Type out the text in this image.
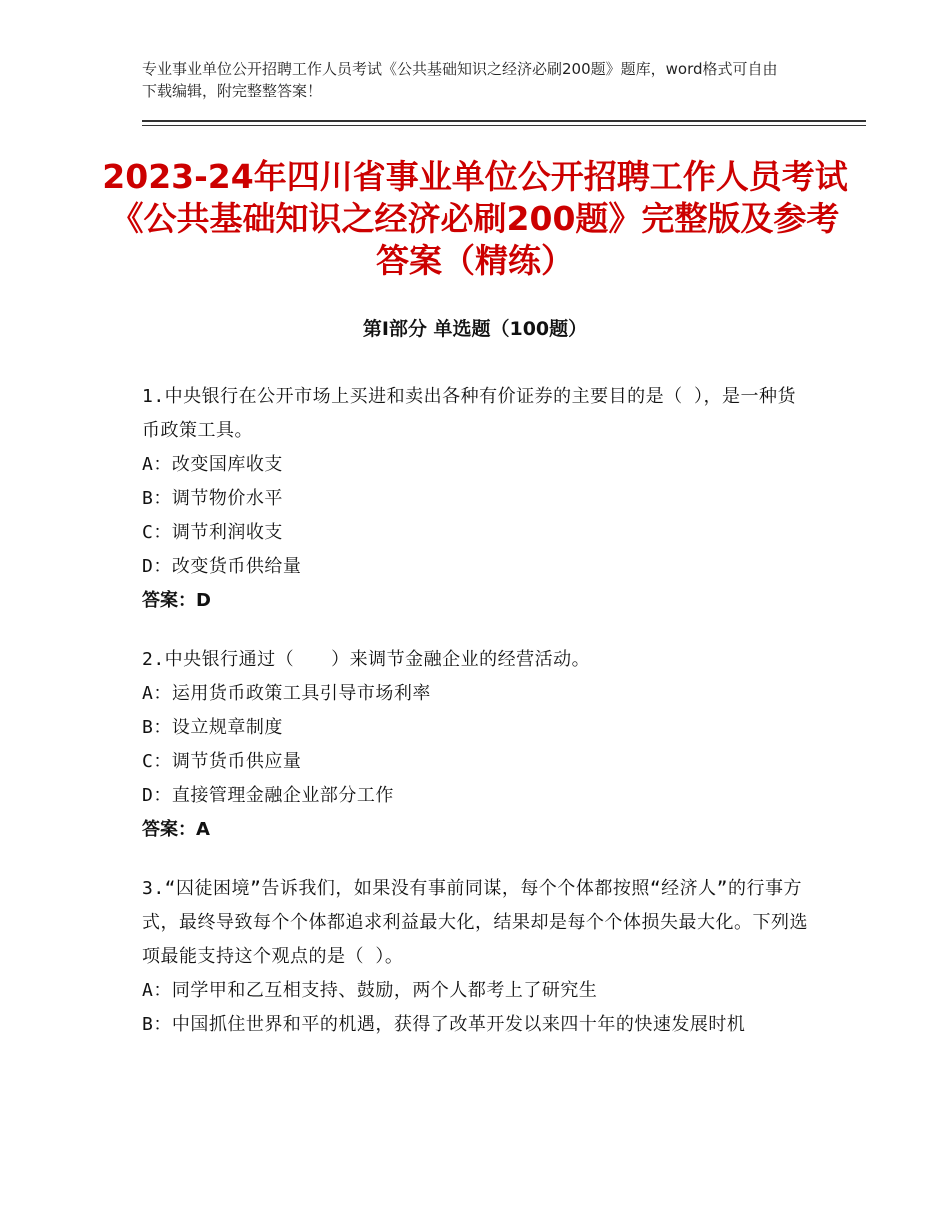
专业事业单位公开招聘工作人员考试《公共基础知识之经济必刷200题》题库，word格式可自由下载编辑，附完整整答案！
2023-24年四川省事业单位公开招聘工作人员考试《公共基础知识之经济必刷200题》完整版及参考答案（精练）
第Ⅰ部分 单选题（100题）
1.中央银行在公开市场上买进和卖出各种有价证券的主要目的是（ ），是一种货币政策工具。
A：改变国库收支
B：调节物价水平
C：调节利润收支
D：改变货币供给量
答案：D
2.中央银行通过（　　）来调节金融企业的经营活动。
A：运用货币政策工具引导市场利率
B：设立规章制度
C：调节货币供应量
D：直接管理金融企业部分工作
答案：A
3.“囚徒困境”告诉我们，如果没有事前同谋，每个个体都按照“经济人”的行事方式，最终导致每个个体都追求利益最大化，结果却是每个个体损失最大化。下列选项最能支持这个观点的是（ ）。
A：同学甲和乙互相支持、鼓励，两个人都考上了研究生
B：中国抓住世界和平的机遇，获得了改革开发以来四十年的快速发展时机
